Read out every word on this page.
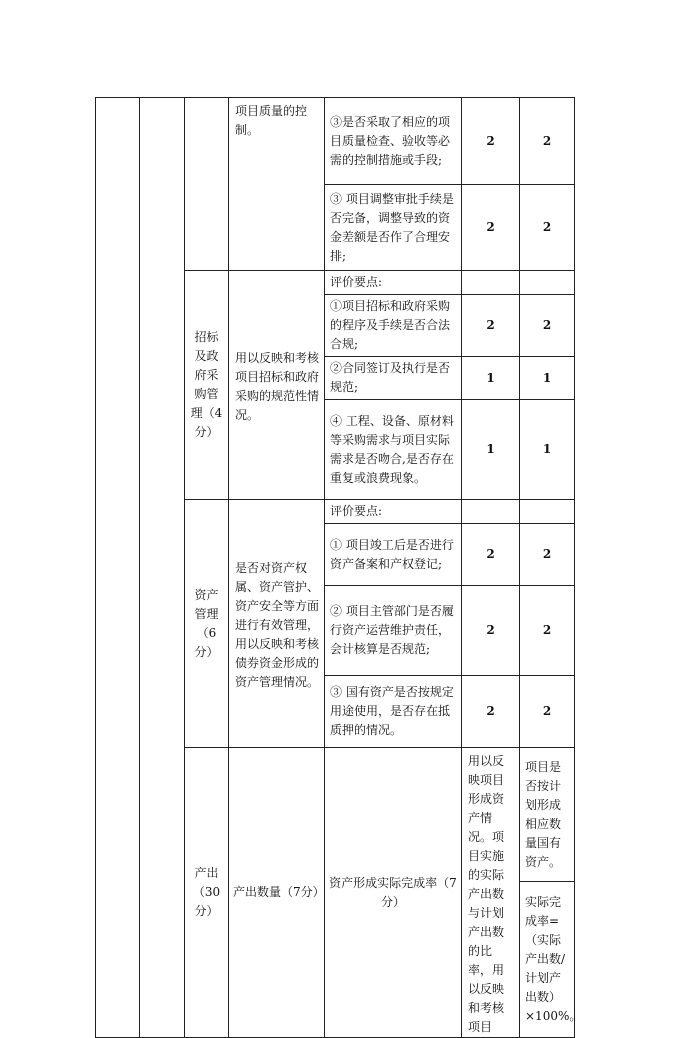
			项目质量的控制。	③是否采取了相应的项目质量检查、验收等必需的控制措施或手段;	2	2	
				③ 项目调整审批手续是否完备，调整导致的资金差额是否作了合理安排;	2	2	
		招标及政府采购管理（4分）	用以反映和考核项目招标和政府采购的规范性情况。	评价要点:			
				①项目招标和政府采购的程序及手续是否合法合规;	2	2	
				②合同签订及执行是否规范;	1	1	
				④ 工程、设备、原材料等采购需求与项目实际需求是否吻合,是否存在重复或浪费现象。	1	1	
		资产管理（6分）	是否对资产权属、资产管护、资产安全等方面进行有效管理，用以反映和考核债券资金形成的资产管理情况。	评价要点:			
				① 项目竣工后是否进行资产备案和产权登记;	2	2	
				② 项目主管部门是否履行资产运营维护责任，会计核算是否规范;	2	2	
				③ 国有资产是否按规定用途使用，是否存在抵质押的情况。	2	2	
		产出（30分）	产出数量（7分）	资产形成实际完成率（7分）	用以反映项目形成资产情况。项目实施的实际产出数与计划产出数的比率，用以反映和考核项目	项目是否按计划形成相应数量国有资产。		
						实际完成率=（实际产出数/计划产出数）×100%。		
